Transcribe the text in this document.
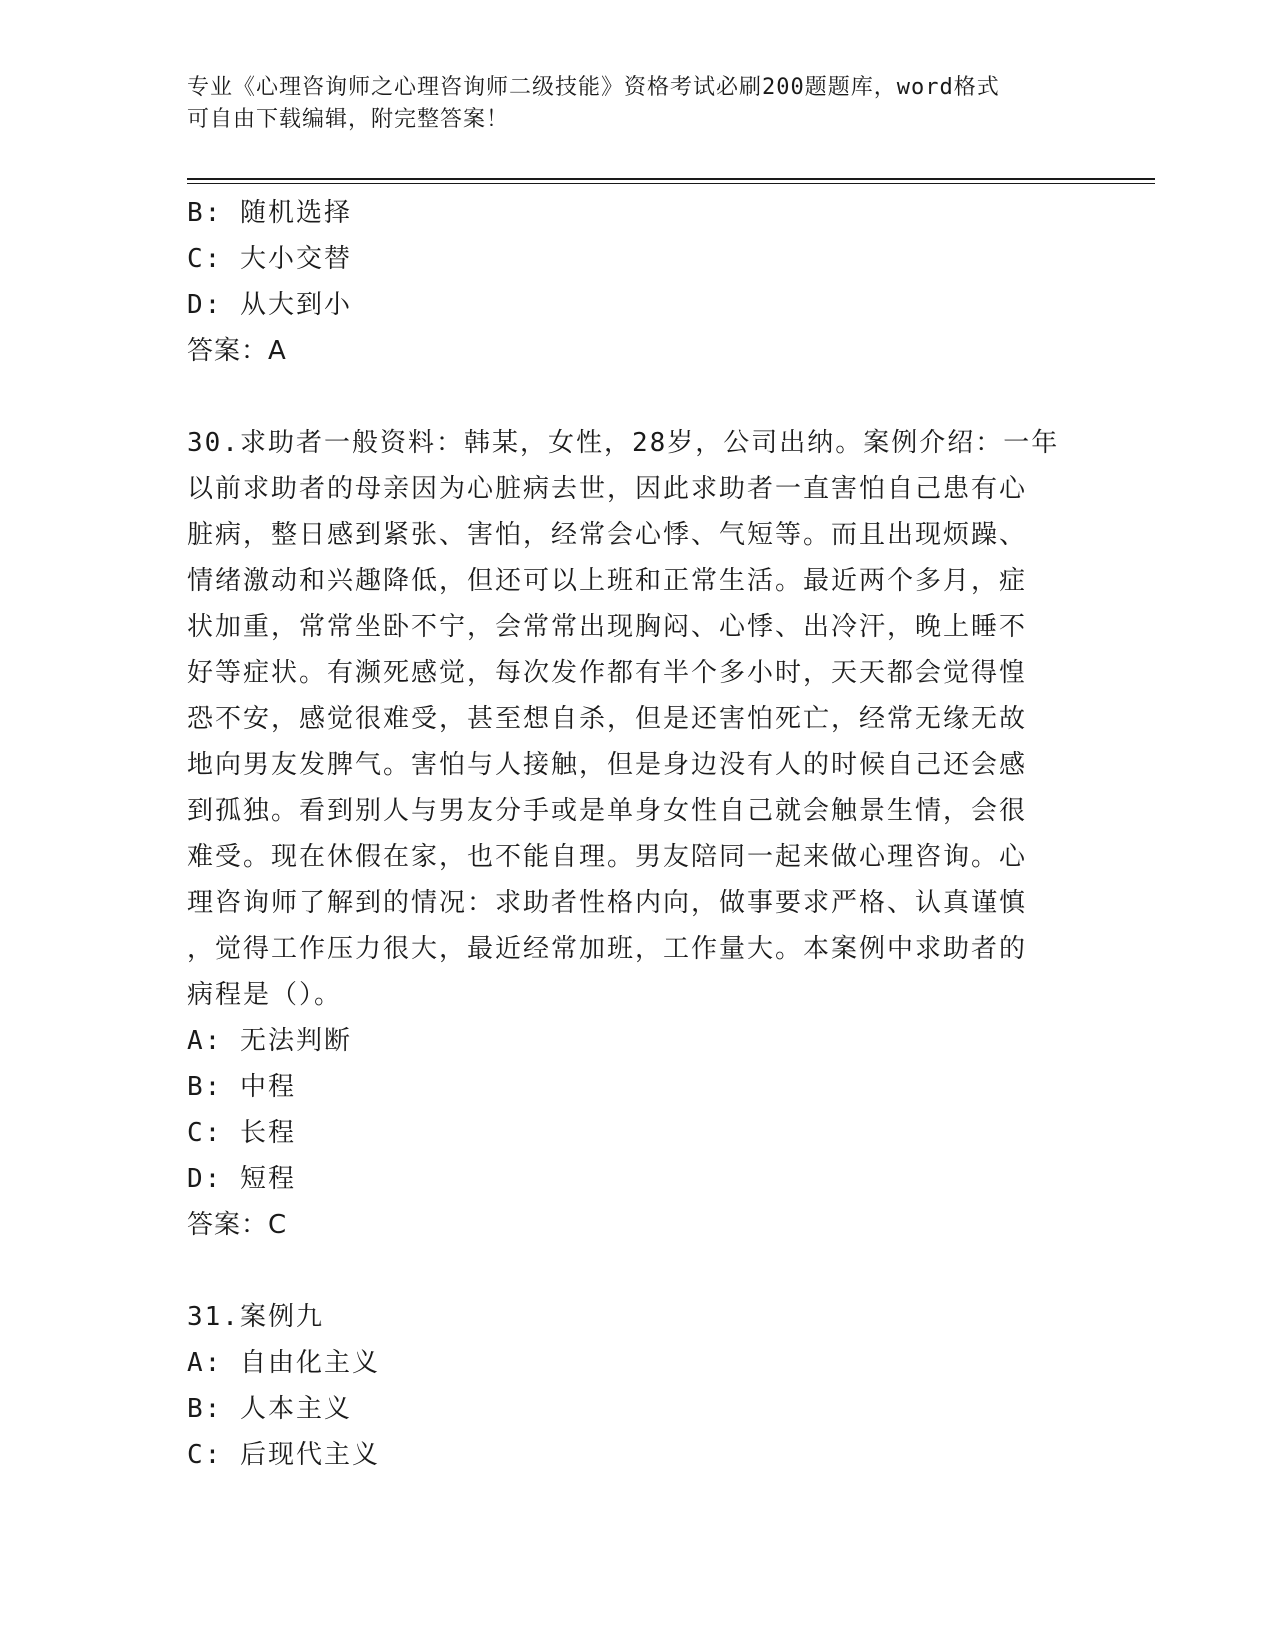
专业《心理咨询师之心理咨询师二级技能》资格考试必刷200题题库，word格式
可自由下载编辑，附完整答案！
B: 随机选择
C: 大小交替
D: 从大到小
答案：A
30.求助者一般资料：韩某，女性，28岁，公司出纳。案例介绍：一年
以前求助者的母亲因为心脏病去世，因此求助者一直害怕自己患有心
脏病，整日感到紧张、害怕，经常会心悸、气短等。而且出现烦躁、
情绪激动和兴趣降低，但还可以上班和正常生活。最近两个多月，症
状加重，常常坐卧不宁，会常常出现胸闷、心悸、出冷汗，晚上睡不
好等症状。有濒死感觉，每次发作都有半个多小时，天天都会觉得惶
恐不安，感觉很难受，甚至想自杀，但是还害怕死亡，经常无缘无故
地向男友发脾气。害怕与人接触，但是身边没有人的时候自己还会感
到孤独。看到别人与男友分手或是单身女性自己就会触景生情，会很
难受。现在休假在家，也不能自理。男友陪同一起来做心理咨询。心
理咨询师了解到的情况：求助者性格内向，做事要求严格、认真谨慎
，觉得工作压力很大，最近经常加班，工作量大。本案例中求助者的
病程是（）。
A: 无法判断
B: 中程
C: 长程
D: 短程
答案：C
31.案例九
A: 自由化主义
B: 人本主义
C: 后现代主义
